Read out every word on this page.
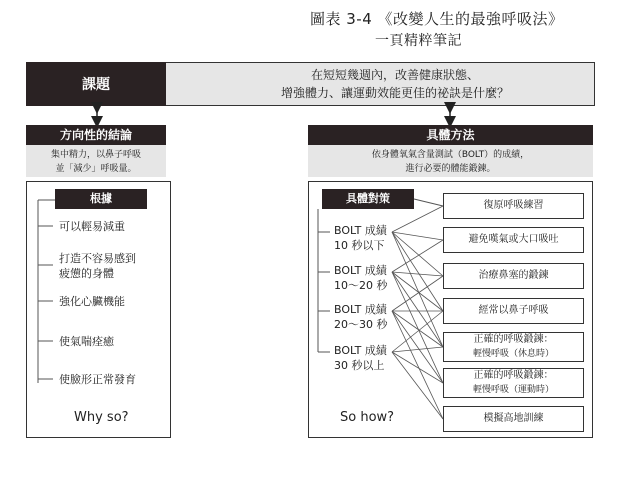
圖表 3-4 《改變人生的最強呼吸法》
一頁精粹筆記
課題
在短短幾週內，改善健康狀態、
增強體力、讓運動效能更佳的祕訣是什麼？
方向性的結論
集中精力，以鼻子呼吸
並「減少」呼吸量。
具體方法
依身體氧氣含量測試（BOLT）的成績，
進行必要的體能鍛鍊。
根據
可以輕易減重
打造不容易感到
疲憊的身體
強化心臟機能
使氣喘痊癒
使臉形正常發育
Why so?
具體對策
BOLT 成績
10 秒以下
BOLT 成績
10～20 秒
BOLT 成績
20～30 秒
BOLT 成績
30 秒以上
So how?
復原呼吸練習
避免嘆氣或大口吸吐
治療鼻塞的鍛鍊
經常以鼻子呼吸
正確的呼吸鍛鍊：
輕慢呼吸（休息時）
正確的呼吸鍛鍊：
輕慢呼吸（運動時）
模擬高地訓練
